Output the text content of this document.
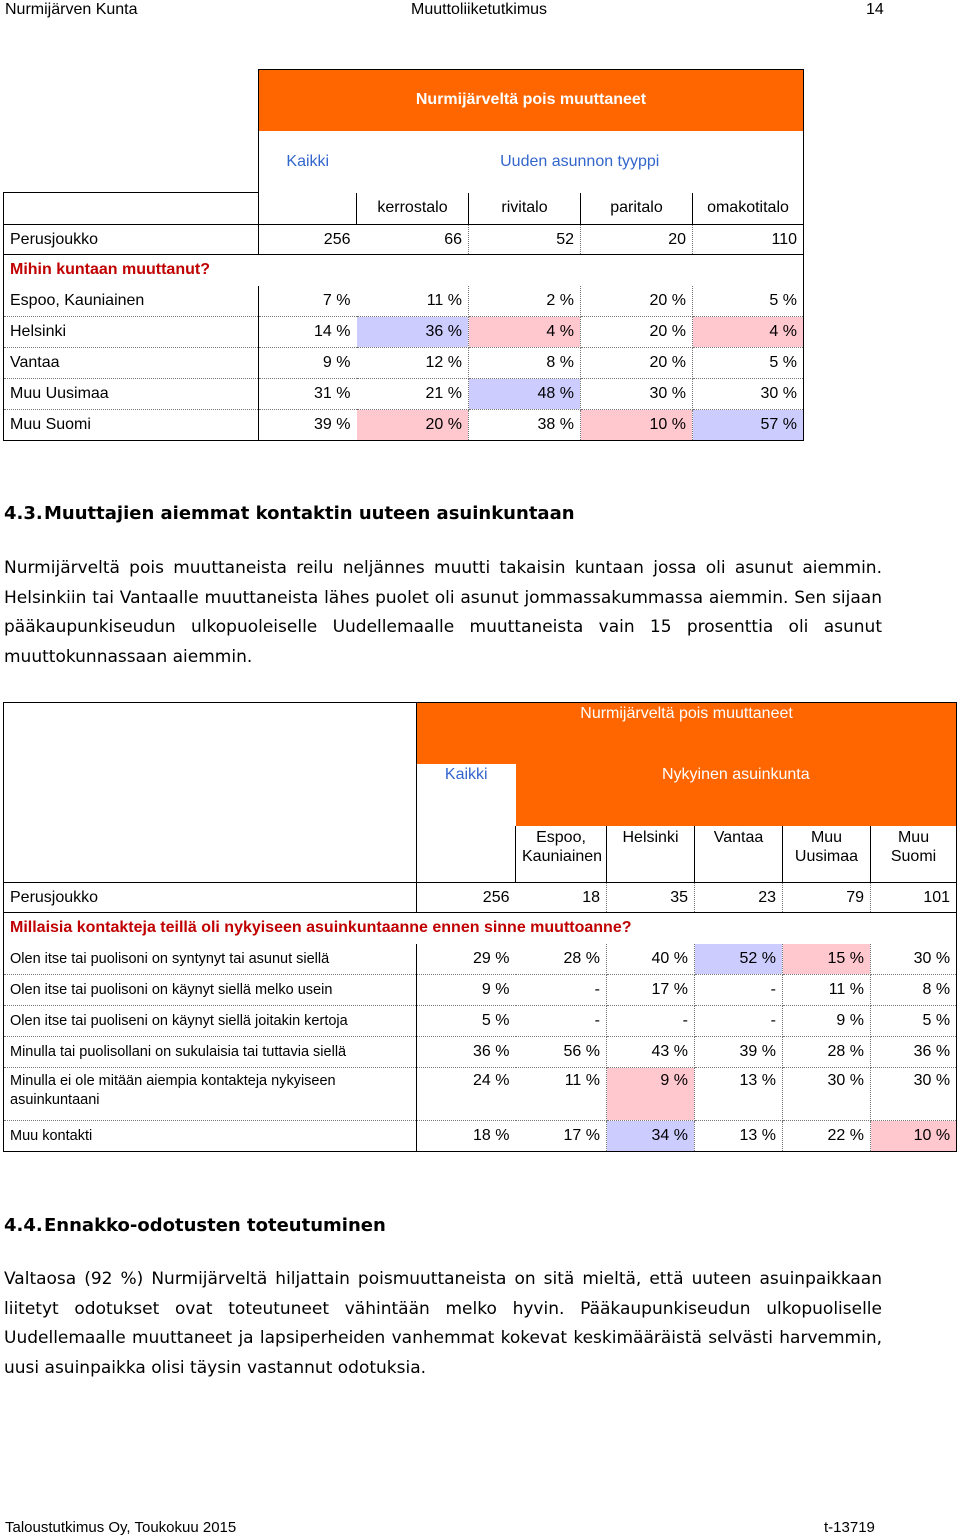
Nurmijärven Kunta	Muuttoliiketutkimus	14
	Nurmijärveltä pois muuttaneet				
	Kaikki	Uuden asunnon tyyppi			
		kerrostalo	rivitalo	paritalo	omakotitalo
Perusjoukko	256	66	52	20	110
Mihin kuntaan muuttanut?					
Espoo, Kauniainen	7 %	11 %	2 %	20 %	5 %
Helsinki	14 %	36 %	4 %	20 %	4 %
Vantaa	9 %	12 %	8 %	20 %	5 %
Muu Uusimaa	31 %	21 %	48 %	30 %	30 %
Muu Suomi	39 %	20 %	38 %	10 %	57 %
4.3.Muuttajien aiemmat kontaktin uuteen asuinkuntaan

Nurmijärveltä pois muuttaneista reilu neljännes muutti takaisin kuntaan jossa oli asunut aiemmin. Helsinkiin tai Vantaalle muuttaneista lähes puolet oli asunut jommassakummassa aiemmin. Sen sijaan pääkaupunkiseudun ulkopuoleiselle Uudellemaalle muuttaneista vain 15 prosenttia oli asunut muuttokunnassaan aiemmin.

	Nurmijärveltä pois muuttaneet					
	Kaikki	Nykyinen asuinkunta				
		Espoo, Kauniainen	Helsinki	Vantaa	Muu Uusimaa	Muu Suomi
Perusjoukko	256	18	35	23	79	101
Millaisia kontakteja teillä oli nykyiseen asuinkuntaanne ennen sinne muuttoanne?						
Olen itse tai puolisoni on syntynyt tai asunut siellä	29 %	28 %	40 %	52 %	15 %	30 %
Olen itse tai puolisoni on käynyt siellä melko usein	9 %	-	17 %	-	11 %	8 %
Olen itse tai puoliseni on käynyt siellä joitakin kertoja	5 %	-	-	-	9 %	5 %
Minulla tai puolisollani on sukulaisia tai tuttavia siellä	36 %	56 %	43 %	39 %	28 %	36 %
Minulla ei ole mitään aiempia kontakteja nykyiseen asuinkuntaani	24 %	11 %	9 %	13 %	30 %	30 %
Muu kontakti	18 %	17 %	34 %	13 %	22 %	10 %
4.4.Ennakko-odotusten toteutuminen

Valtaosa (92 %) Nurmijärveltä hiljattain poismuuttaneista on sitä mieltä, että uuteen asuinpaikkaan liitetyt odotukset ovat toteutuneet vähintään melko hyvin. Pääkaupunkiseudun ulkopuoliselle Uudellemaalle muuttaneet ja lapsiperheiden vanhemmat kokevat keskimääräistä selvästi harvemmin, uusi asuinpaikka olisi täysin vastannut odotuksia.

Taloustutkimus Oy, Toukokuu 2015	t-13719
